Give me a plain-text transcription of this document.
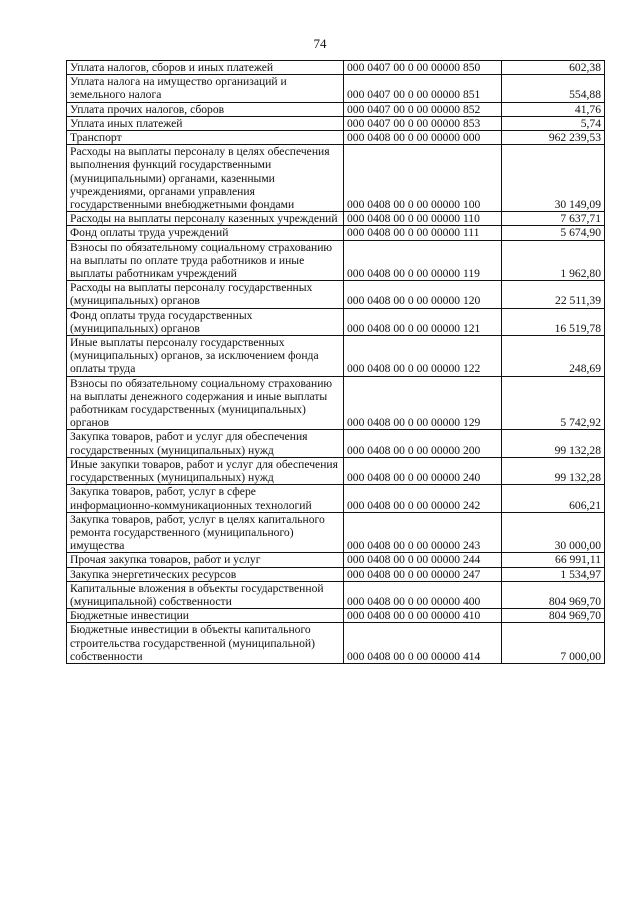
74
Уплата налогов, сборов и иных платежей	000 0407 00 0 00 00000 850	602,38
Уплата налога на имущество организаций и земельного налога	000 0407 00 0 00 00000 851	554,88
Уплата прочих налогов, сборов	000 0407 00 0 00 00000 852	41,76
Уплата иных платежей	000 0407 00 0 00 00000 853	5,74
Транспорт	000 0408 00 0 00 00000 000	962 239,53
Расходы на выплаты персоналу в целях обеспечения выполнения функций государственными (муниципальными) органами, казенными учреждениями, органами управления государственными внебюджетными фондами	000 0408 00 0 00 00000 100	30 149,09
Расходы на выплаты персоналу казенных учреждений	000 0408 00 0 00 00000 110	7 637,71
Фонд оплаты труда учреждений	000 0408 00 0 00 00000 111	5 674,90
Взносы по обязательному социальному страхованию на выплаты по оплате труда работников и иные выплаты работникам учреждений	000 0408 00 0 00 00000 119	1 962,80
Расходы на выплаты персоналу государственных (муниципальных) органов	000 0408 00 0 00 00000 120	22 511,39
Фонд оплаты труда государственных (муниципальных) органов	000 0408 00 0 00 00000 121	16 519,78
Иные выплаты персоналу государственных (муниципальных) органов, за исключением фонда оплаты труда	000 0408 00 0 00 00000 122	248,69
Взносы по обязательному социальному страхованию на выплаты денежного содержания и иные выплаты работникам государственных (муниципальных) органов	000 0408 00 0 00 00000 129	5 742,92
Закупка товаров, работ и услуг для обеспечения государственных (муниципальных) нужд	000 0408 00 0 00 00000 200	99 132,28
Иные закупки товаров, работ и услуг для обеспечения государственных (муниципальных) нужд	000 0408 00 0 00 00000 240	99 132,28
Закупка товаров, работ, услуг в сфере информационно-коммуникационных технологий	000 0408 00 0 00 00000 242	606,21
Закупка товаров, работ, услуг в целях капитального ремонта государственного (муниципального) имущества	000 0408 00 0 00 00000 243	30 000,00
Прочая закупка товаров, работ и услуг	000 0408 00 0 00 00000 244	66 991,11
Закупка энергетических ресурсов	000 0408 00 0 00 00000 247	1 534,97
Капитальные вложения в объекты государственной (муниципальной) собственности	000 0408 00 0 00 00000 400	804 969,70
Бюджетные инвестиции	000 0408 00 0 00 00000 410	804 969,70
Бюджетные инвестиции в объекты капитального строительства государственной (муниципальной) собственности	000 0408 00 0 00 00000 414	7 000,00
